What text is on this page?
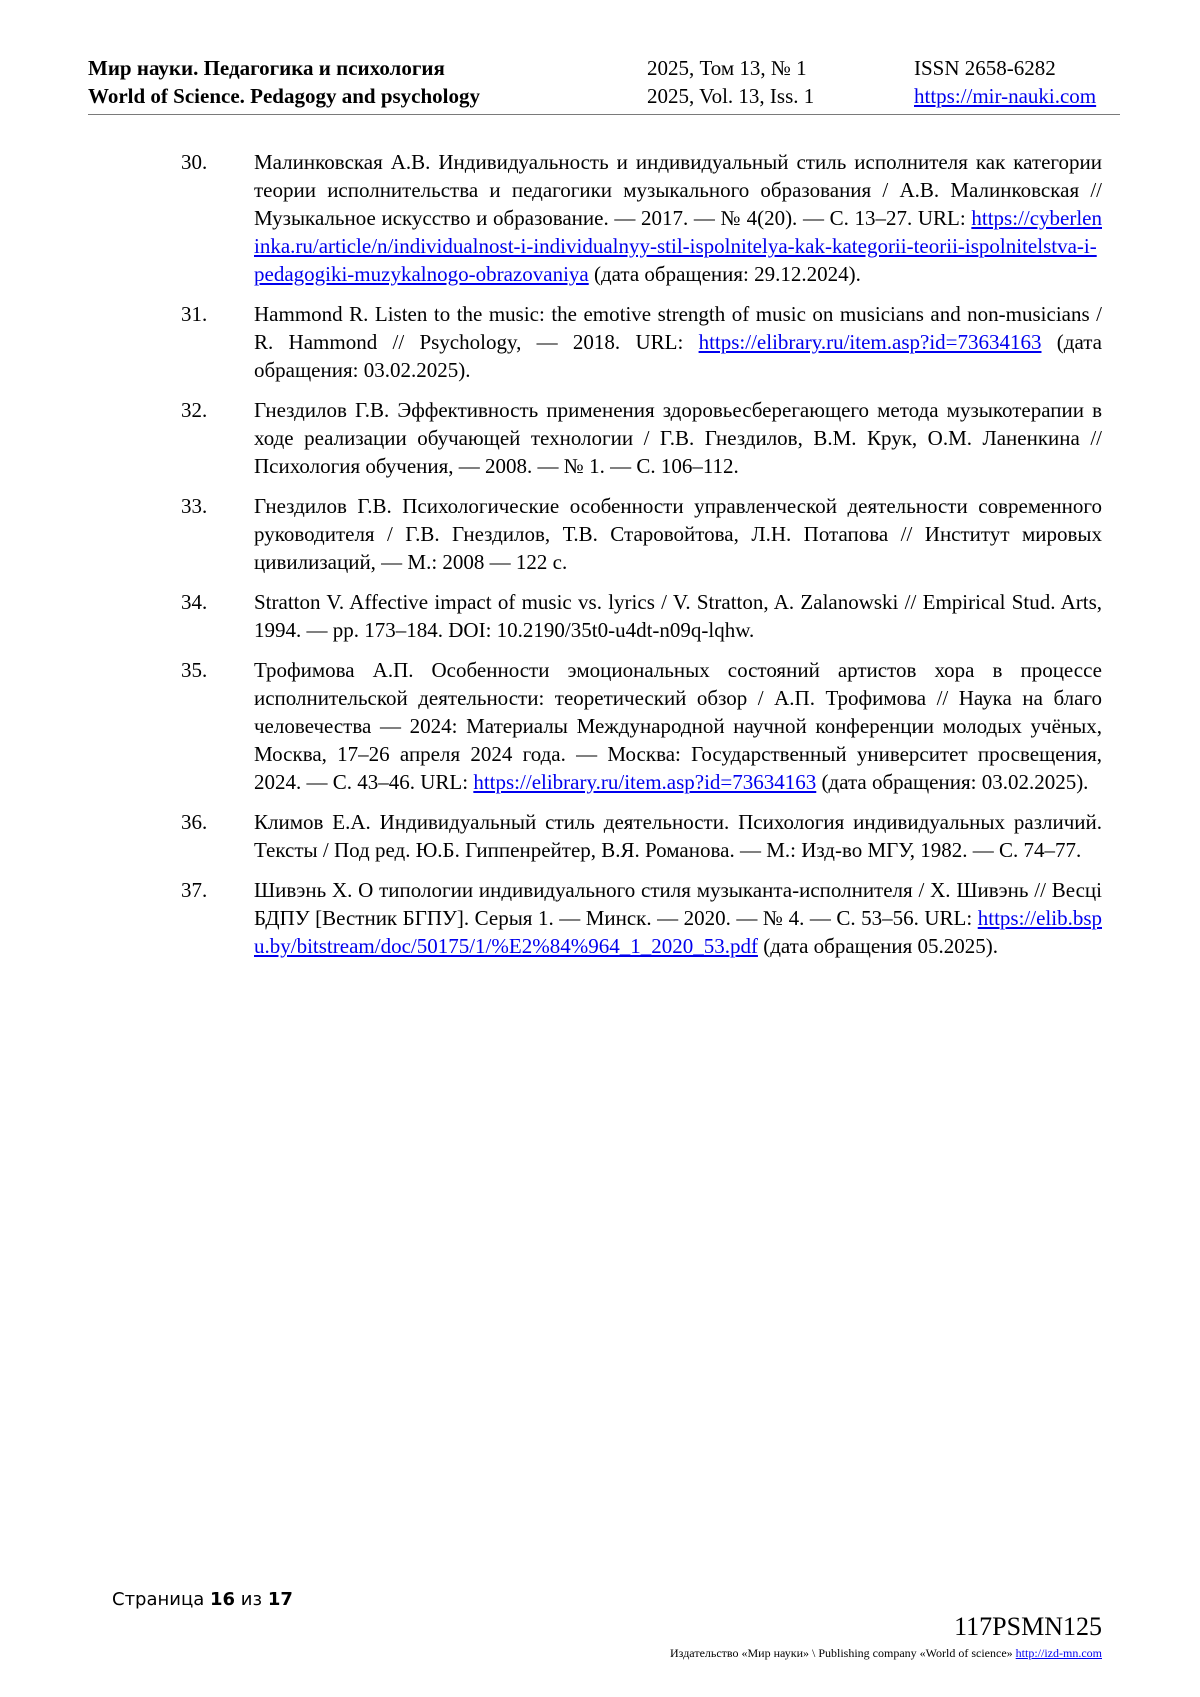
Мир науки. Педагогика и психология
World of Science. Pedagogy and psychology
2025, Том 13, № 1
2025, Vol. 13, Iss. 1
ISSN 2658-6282
https://mir-nauki.com
30. Малинковская А.В. Индивидуальность и индивидуальный стиль исполнителя как категории теории исполнительства и педагогики музыкального образования / А.В. Малинковская // Музыкальное искусство и образование. — 2017. — № 4(20). — С. 13–27. URL: https://cyberleninka.ru/article/n/individualnost-i-individualnyy-stil-ispolnitelya-kak-kategorii-teorii-ispolnitelstva-i-pedagogiki-muzykalnogo-obrazovaniya (дата обращения: 29.12.2024).
31. Hammond R. Listen to the music: the emotive strength of music on musicians and non-musicians / R. Hammond // Psychology, — 2018. URL: https://elibrary.ru/item.asp?id=73634163 (дата обращения: 03.02.2025).
32. Гнездилов Г.В. Эффективность применения здоровьесберегающего метода музыкотерапии в ходе реализации обучающей технологии / Г.В. Гнездилов, В.М. Крук, О.М. Ланенкина // Психология обучения, — 2008. — № 1. — С. 106–112.
33. Гнездилов Г.В. Психологические особенности управленческой деятельности современного руководителя / Г.В. Гнездилов, Т.В. Старовойтова, Л.Н. Потапова // Институт мировых цивилизаций, — М.: 2008 — 122 с.
34. Stratton V. Affective impact of music vs. lyrics / V. Stratton, A. Zalanowski // Empirical Stud. Arts, 1994. — pp. 173–184. DOI: 10.2190/35t0-u4dt-n09q-lqhw.
35. Трофимова А.П. Особенности эмоциональных состояний артистов хора в процессе исполнительской деятельности: теоретический обзор / А.П. Трофимова // Наука на благо человечества — 2024: Материалы Международной научной конференции молодых учёных, Москва, 17–26 апреля 2024 года. — Москва: Государственный университет просвещения, 2024. — С. 43–46. URL: https://elibrary.ru/item.asp?id=73634163 (дата обращения: 03.02.2025).
36. Климов Е.А. Индивидуальный стиль деятельности. Психология индивидуальных различий. Тексты / Под ред. Ю.Б. Гиппенрейтер, В.Я. Романова. — М.: Изд-во МГУ, 1982. — С. 74–77.
37. Шивэнь Х. О типологии индивидуального стиля музыканта-исполнителя / Х. Шивэнь // Весці БДПУ [Вестник БГПУ]. Серыя 1. — Минск. — 2020. — № 4. — С. 53–56. URL: https://elib.bspu.by/bitstream/doc/50175/1/%E2%84%964_1_2020_53.pdf (дата обращения 05.2025).
Страница 16 из 17
117PSMN125
Издательство «Мир науки» \ Publishing company «World of science» http://izd-mn.com
